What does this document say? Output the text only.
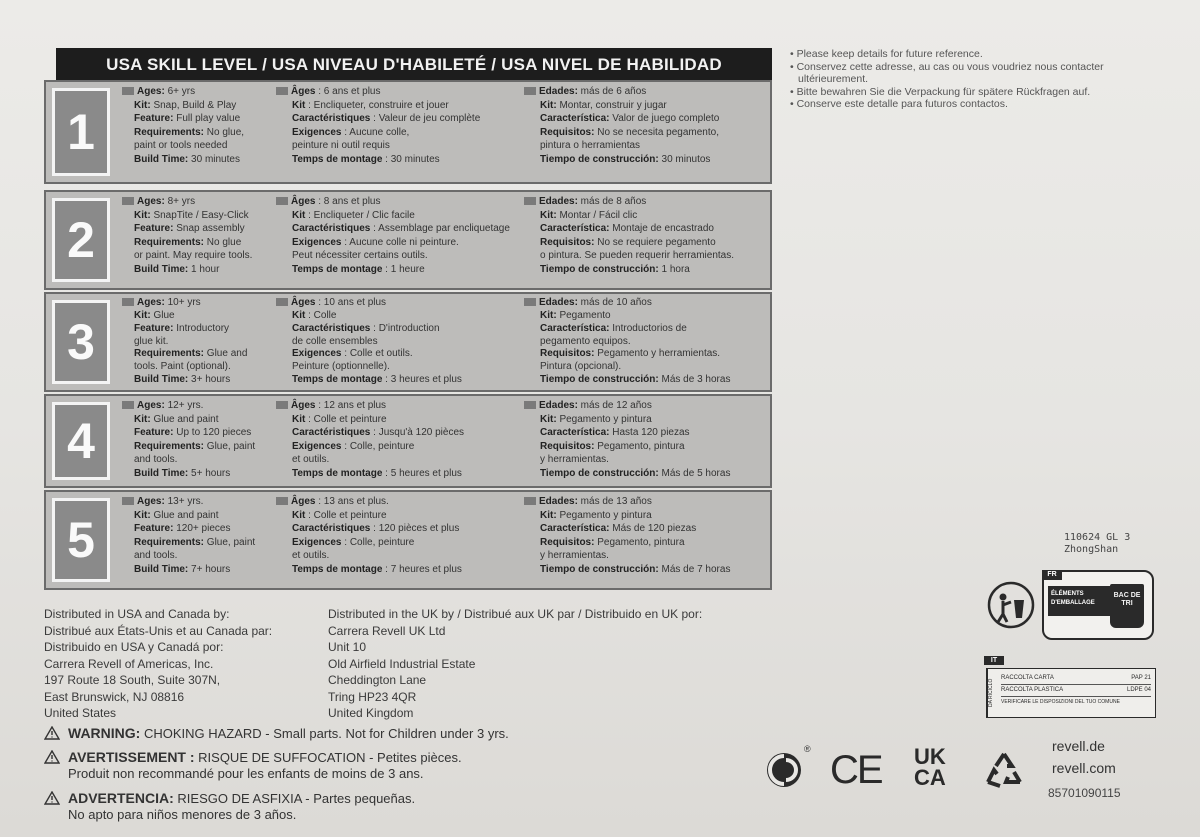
USA SKILL LEVEL / USA NIVEAU D'HABILETÉ / USA NIVEL DE HABILIDAD
1
Ages: 6+ yrs
Kit: Snap, Build & Play
Feature: Full play value
Requirements: No glue,
paint or tools needed
Build Time: 30 minutes
Âges : 6 ans et plus
Kit : Encliqueter, construire et jouer
Caractéristiques : Valeur de jeu complète
Exigences : Aucune colle,
peinture ni outil requis
Temps de montage : 30 minutes
Edades: más de 6 años
Kit: Montar, construir y jugar
Característica: Valor de juego completo
Requisitos: No se necesita pegamento,
pintura o herramientas
Tiempo de construcción: 30 minutos
2
Ages: 8+ yrs
Kit: SnapTite / Easy-Click
Feature: Snap assembly
Requirements: No glue
or paint. May require tools.
Build Time: 1 hour
Âges : 8 ans et plus
Kit : Encliqueter / Clic facile
Caractéristiques : Assemblage par encliquetage
Exigences : Aucune colle ni peinture.
Peut nécessiter certains outils.
Temps de montage : 1 heure
Edades: más de 8 años
Kit: Montar / Fácil clic
Característica: Montaje de encastrado
Requisitos: No se requiere pegamento
o pintura. Se pueden requerir herramientas.
Tiempo de construcción: 1 hora
3
Ages: 10+ yrs
Kit: Glue
Feature: Introductory
glue kit.
Requirements: Glue and
tools. Paint (optional).
Build Time: 3+ hours
Âges : 10 ans et plus
Kit : Colle
Caractéristiques : D'introduction
de colle ensembles
Exigences : Colle et outils.
Peinture (optionnelle).
Temps de montage : 3 heures et plus
Edades: más de 10 años
Kit: Pegamento
Característica: Introductorios de
pegamento equipos.
Requisitos: Pegamento y herramientas.
Pintura (opcional).
Tiempo de construcción: Más de 3 horas
4
Ages: 12+ yrs.
Kit: Glue and paint
Feature: Up to 120 pieces
Requirements: Glue, paint
and tools.
Build Time: 5+ hours
Âges : 12 ans et plus
Kit : Colle et peinture
Caractéristiques : Jusqu'à 120 pièces
Exigences : Colle, peinture
et outils.
Temps de montage : 5 heures et plus
Edades: más de 12 años
Kit: Pegamento y pintura
Característica: Hasta 120 piezas
Requisitos: Pegamento, pintura
y herramientas.
Tiempo de construcción: Más de 5 horas
5
Ages: 13+ yrs.
Kit: Glue and paint
Feature: 120+ pieces
Requirements: Glue, paint
and tools.
Build Time: 7+ hours
Âges : 13 ans et plus.
Kit : Colle et peinture
Caractéristiques : 120 pièces et plus
Exigences : Colle, peinture
et outils.
Temps de montage : 7 heures et plus
Edades: más de 13 años
Kit: Pegamento y pintura
Característica: Más de 120 piezas
Requisitos: Pegamento, pintura
y herramientas.
Tiempo de construcción: Más de 7 horas
• Please keep details for future reference.
• Conservez cette adresse, au cas ou vous voudriez nous contacter
ultérieurement.
• Bitte bewahren Sie die Verpackung für spätere Rückfragen auf.
• Conserve este detalle para futuros contactos.
Distributed in USA and Canada by:
Distribué aux États-Unis et au Canada par:
Distribuido en USA y Canadá por:
Carrera Revell of Americas, Inc.
197 Route 18 South, Suite 307N,
East Brunswick, NJ 08816
United States
Distributed in the UK by / Distribué aux UK par / Distribuido en UK por:
Carrera Revell UK Ltd
Unit 10
Old Airfield Industrial Estate
Cheddington Lane
Tring HP23 4QR
United Kingdom
WARNING: CHOKING HAZARD - Small parts. Not for Children under 3 yrs.
AVERTISSEMENT : RISQUE DE SUFFOCATION - Petites pièces.
Produit non recommandé pour les enfants de moins de 3 ans.
ADVERTENCIA: RIESGO DE ASFIXIA - Partes pequeñas.
No apto para niños menores de 3 años.
110624 GL 3
ZhongShan
FR
ÉLÉMENTS
D'EMBALLAGE
BAC DE TRI
IT
DA RICICLO
RACCOLTA CARTA	PAP 21
RACCOLTA PLASTICA	LDPE 04
VERIFICARE LE DISPOSIZIONI DEL TUO COMUNE
® CE UK
CA
revell.de
revell.com
85701090115
